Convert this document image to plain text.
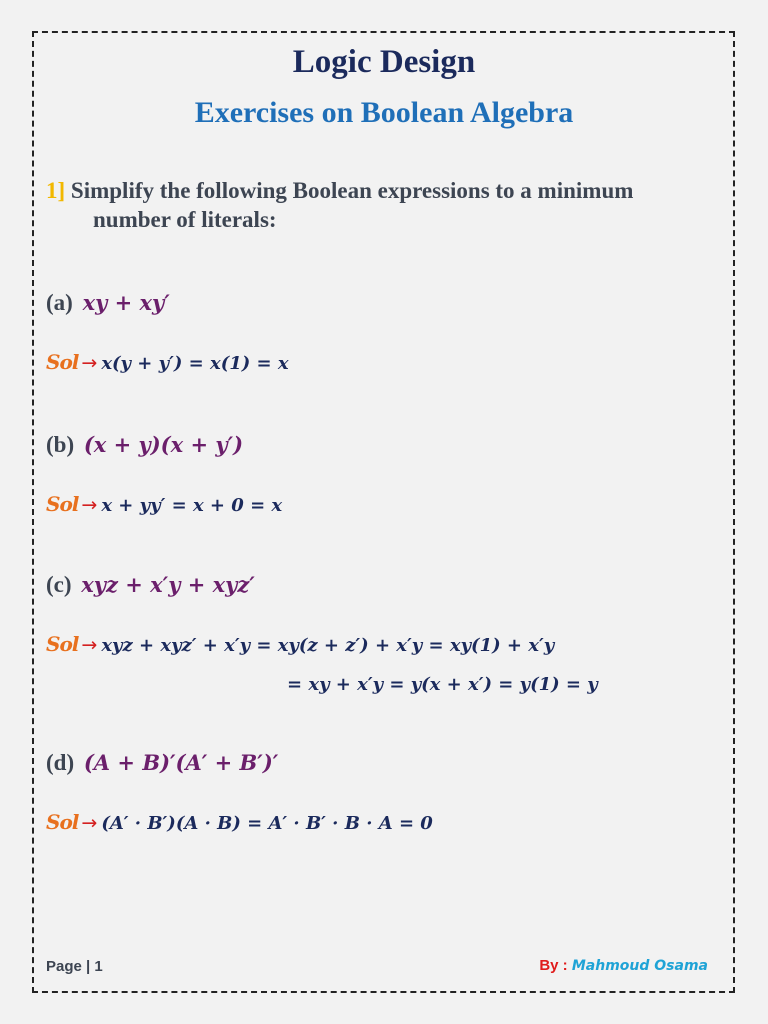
Logic Design
Exercises on Boolean Algebra
1] Simplify the following Boolean expressions to a minimum
number of literals:
(a) xy + xy′
Sol → x(y + y′) = x(1) = x
(b) (x + y)(x + y′)
Sol → x + yy′ = x + 0 = x
(c) xyz + x′y + xyz′
Sol → xyz + xyz′ + x′y = xy(z + z′) + x′y = xy(1) + x′y
= xy + x′y = y(x + x′) = y(1) = y
(d) (A + B)′(A′ + B′)′
Sol → (A′ · B′)(A · B) = A′ · B′ · B · A = 0
Page | 1	By : Mahmoud Osama
